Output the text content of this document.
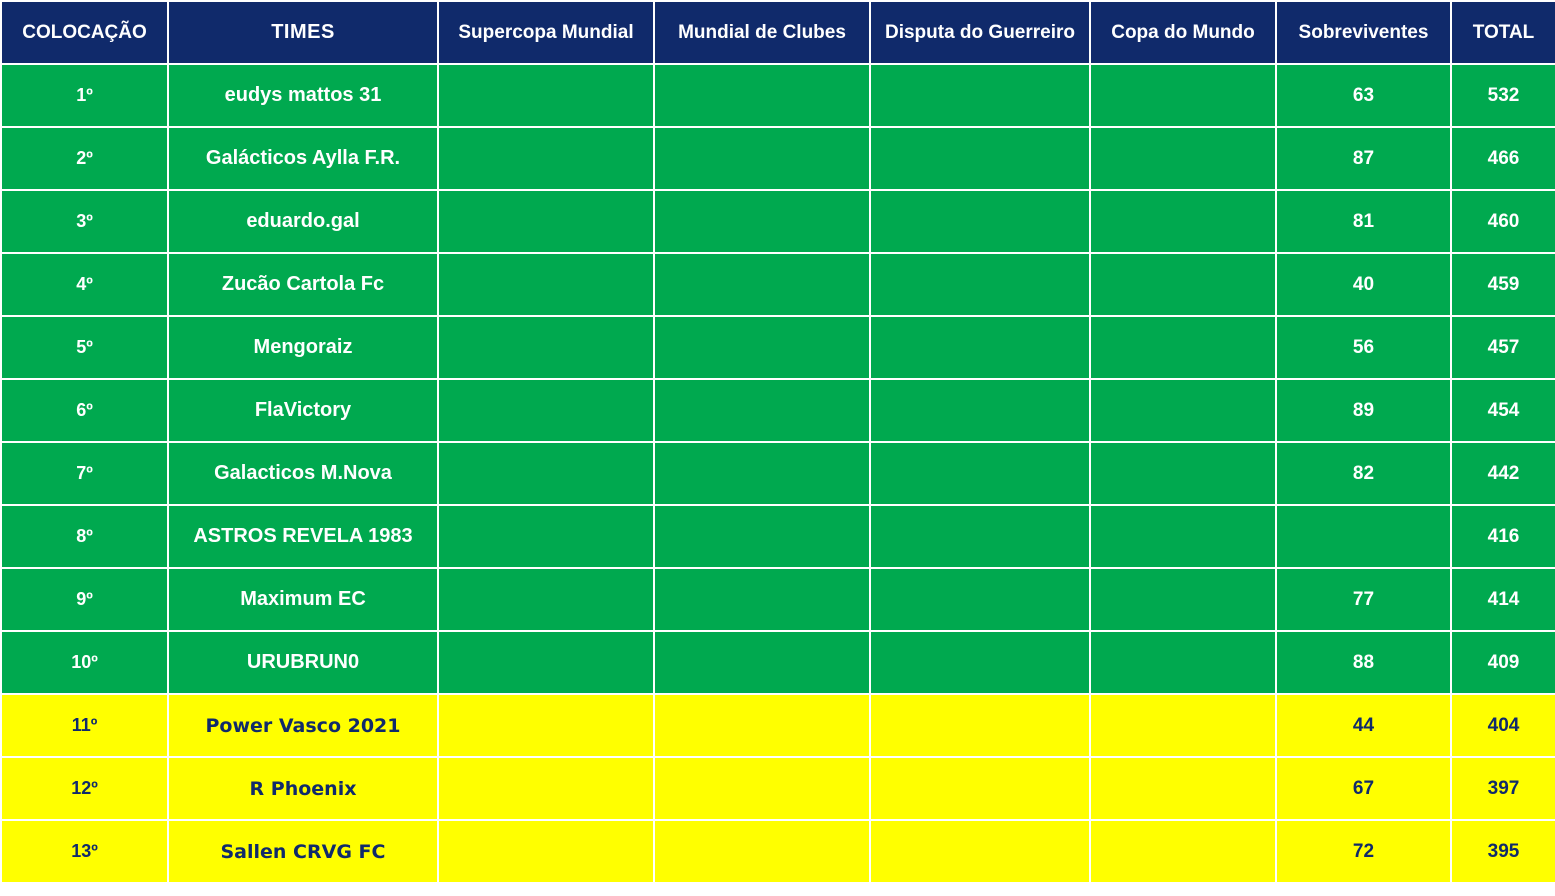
COLOCAÇÃO	TIMES	Supercopa Mundial	Mundial de Clubes	Disputa do Guerreiro	Copa do Mundo	Sobreviventes	TOTAL
1º	eudys mattos 31					63	532
2º	Galácticos Aylla F.R.					87	466
3º	eduardo.gal					81	460
4º	Zucão Cartola Fc					40	459
5º	Mengoraiz					56	457
6º	FlaVictory					89	454
7º	Galacticos M.Nova					82	442
8º	ASTROS REVELA 1983						416
9º	Maximum EC					77	414
10º	URUBRUN0					88	409
11º	Power Vasco 2021					44	404
12º	R Phoenix					67	397
13º	Sallen CRVG FC					72	395
